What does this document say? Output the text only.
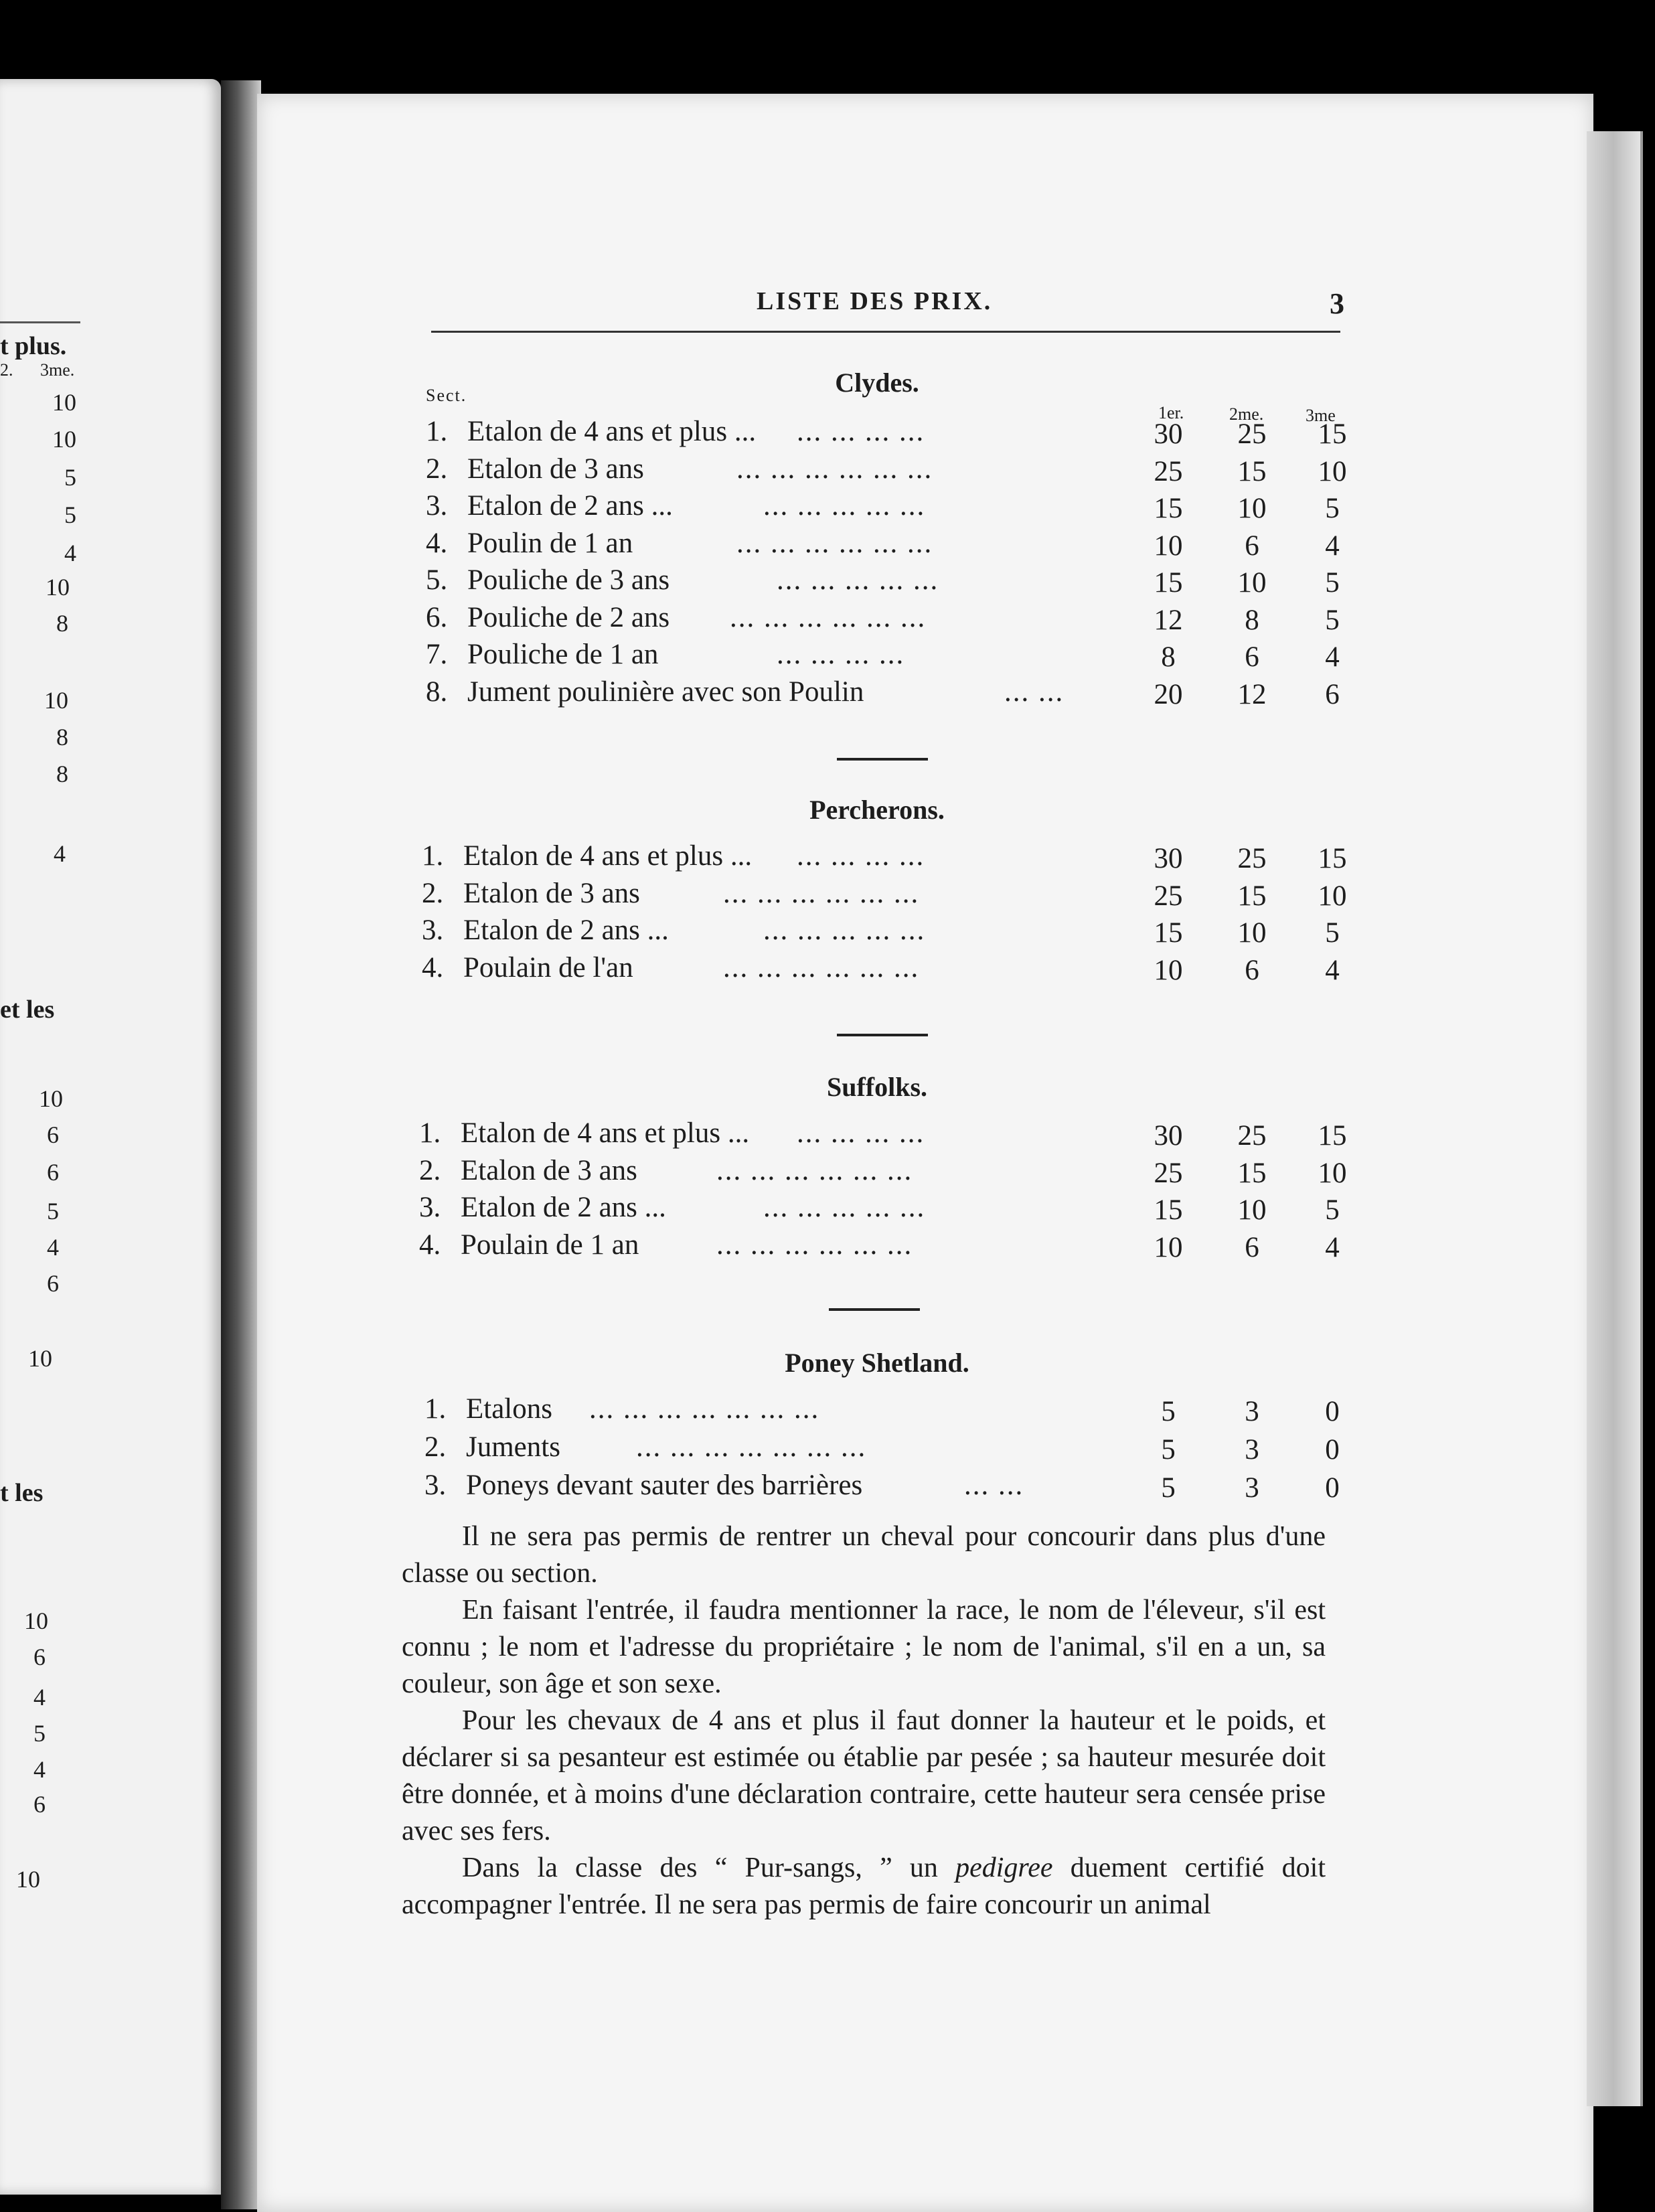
t plus.
2. 3me.
10
10
5
5
4
10
8
10
8
8
4
et les
10
6
6
5
4
6
10
t les
10
6
4
5
4
6
10
LISTE DES PRIX.	3
Sect.
1er.	2me. 3me
Clydes.
1. Etalon de 4 ans et plus ... ... ... ... ...	30	25	15
2. Etalon de 3 ans	... ... ... ... ... ...	25	15	10
3. Etalon de 2 ans ...	... ... ... ... ...	15	10	5
4. Poulin de 1 an	... ... ... ... ... ...	10	6	4
5. Pouliche de 3 ans	... ... ... ... ...	15	10	5
6. Pouliche de 2 ans ... ... ... ... ... ...	12	8	5
7. Pouliche de 1 an	... ... ... ...	8	6	4
8. Jument poulinière avec son Poulin	... ...	20	12	6
Percherons.
1. Etalon de 4 ans et plus ... ... ... ... ...	30	25	15
2. Etalon de 3 ans	... ... ... ... ... ...	25	15	10
3. Etalon de 2 ans ...	... ... ... ... ...	15	10	5
4. Poulain de l'an	... ... ... ... ... ...	10	6	4
Suffolks.
1. Etalon de 4 ans et plus ... ... ... ... ...	30	25	15
2. Etalon de 3 ans	... ... ... ... ... ...	25	15	10
3. Etalon de 2 ans ...	... ... ... ... ...	15	10	5
4. Poulain de 1 an	... ... ... ... ... ...	10	6	4
Poney Shetland.
1. Etalons ... ... ... ... ... ... ...	5	3	0
2. Juments	... ... ... ... ... ... ...	5	3	0
3. Poneys devant sauter des barrières	... ...	5	3	0

Il ne sera pas permis de rentrer un cheval pour concourir dans plus d'une classe ou section.

En faisant l'entrée, il faudra mentionner la race, le nom de l'éleveur, s'il est connu ; le nom et l'adresse du propriétaire ; le nom de l'animal, s'il en a un, sa couleur, son âge et son sexe.

Pour les chevaux de 4 ans et plus il faut donner la hauteur et le poids, et déclarer si sa pesanteur est estimée ou établie par pesée ; sa hauteur mesurée doit être donnée, et à moins d'une déclaration contraire, cette hauteur sera censée prise avec ses fers.

Dans la classe des “ Pur-sangs, ” un pedigree duement certifié doit accompagner l'entrée. Il ne sera pas permis de faire concourir un animal
